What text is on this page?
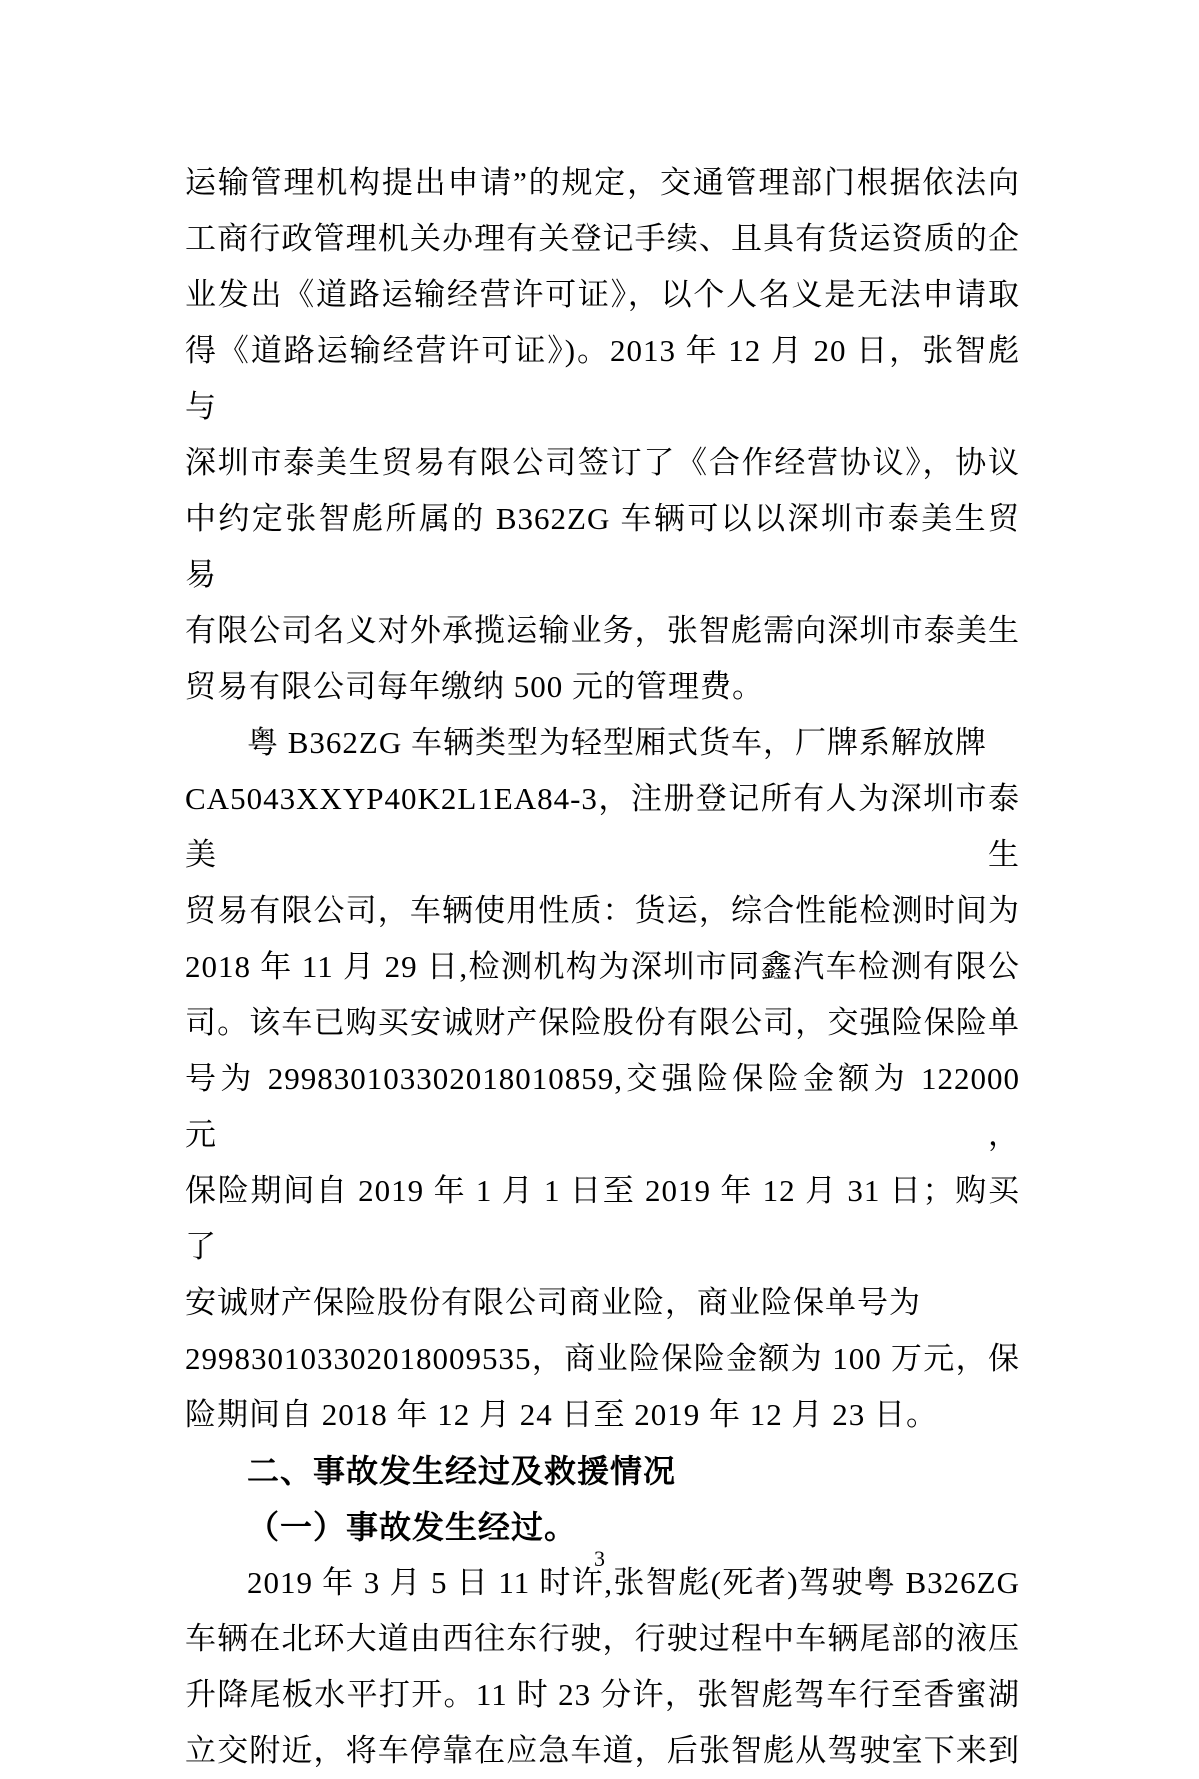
运输管理机构提出申请”的规定，交通管理部门根据依法向
工商行政管理机关办理有关登记手续、且具有货运资质的企
业发出《道路运输经营许可证》，以个人名义是无法申请取
得《道路运输经营许可证》)。2013 年 12 月 20 日，张智彪与
深圳市泰美生贸易有限公司签订了《合作经营协议》，协议
中约定张智彪所属的 B362ZG 车辆可以以深圳市泰美生贸易
有限公司名义对外承揽运输业务，张智彪需向深圳市泰美生
贸易有限公司每年缴纳 500 元的管理费。
粤 B362ZG 车辆类型为轻型厢式货车，厂牌系解放牌
CA5043XXYP40K2L1EA84-3，注册登记所有人为深圳市泰美生
贸易有限公司，车辆使用性质：货运，综合性能检测时间为
2018 年 11 月 29 日,检测机构为深圳市同鑫汽车检测有限公
司。该车已购买安诚财产保险股份有限公司，交强险保险单
号为 299830103302018010859,交强险保险金额为 122000 元，
保险期间自 2019 年 1 月 1 日至 2019 年 12 月 31 日；购买了
安诚财产保险股份有限公司商业险，商业险保单号为
299830103302018009535，商业险保险金额为 100 万元，保
险期间自 2018 年 12 月 24 日至 2019 年 12 月 23 日。
二、事故发生经过及救援情况
（一）事故发生经过。
2019 年 3 月 5 日 11 时许,张智彪(死者)驾驶粤 B326ZG
车辆在北环大道由西往东行驶，行驶过程中车辆尾部的液压
升降尾板水平打开。11 时 23 分许，张智彪驾车行至香蜜湖
立交附近，将车停靠在应急车道，后张智彪从驾驶室下来到
3
